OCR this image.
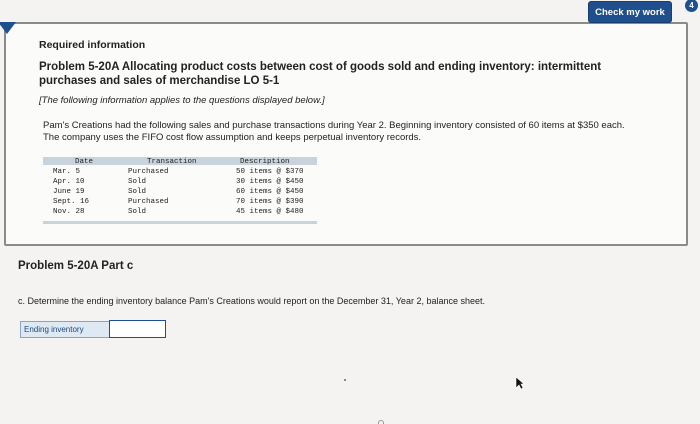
Check my work
4
Required information
Problem 5-20A Allocating product costs between cost of goods sold and ending inventory: intermittent purchases and sales of merchandise LO 5-1
[The following information applies to the questions displayed below.]
Pam's Creations had the following sales and purchase transactions during Year 2. Beginning inventory consisted of 60 items at $350 each. The company uses the FIFO cost flow assumption and keeps perpetual inventory records.
Date
Mar. 5
Apr. 10
June 19
Sept. 16
Nov. 28
Transaction
Purchased
Sold
Sold
Purchased
Sold
Description
50 items @ $370
30 items @ $450
60 items @ $450
70 items @ $390
45 items @ $480
Problem 5-20A Part c
c. Determine the ending inventory balance Pam's Creations would report on the December 31, Year 2, balance sheet.
Ending inventory
